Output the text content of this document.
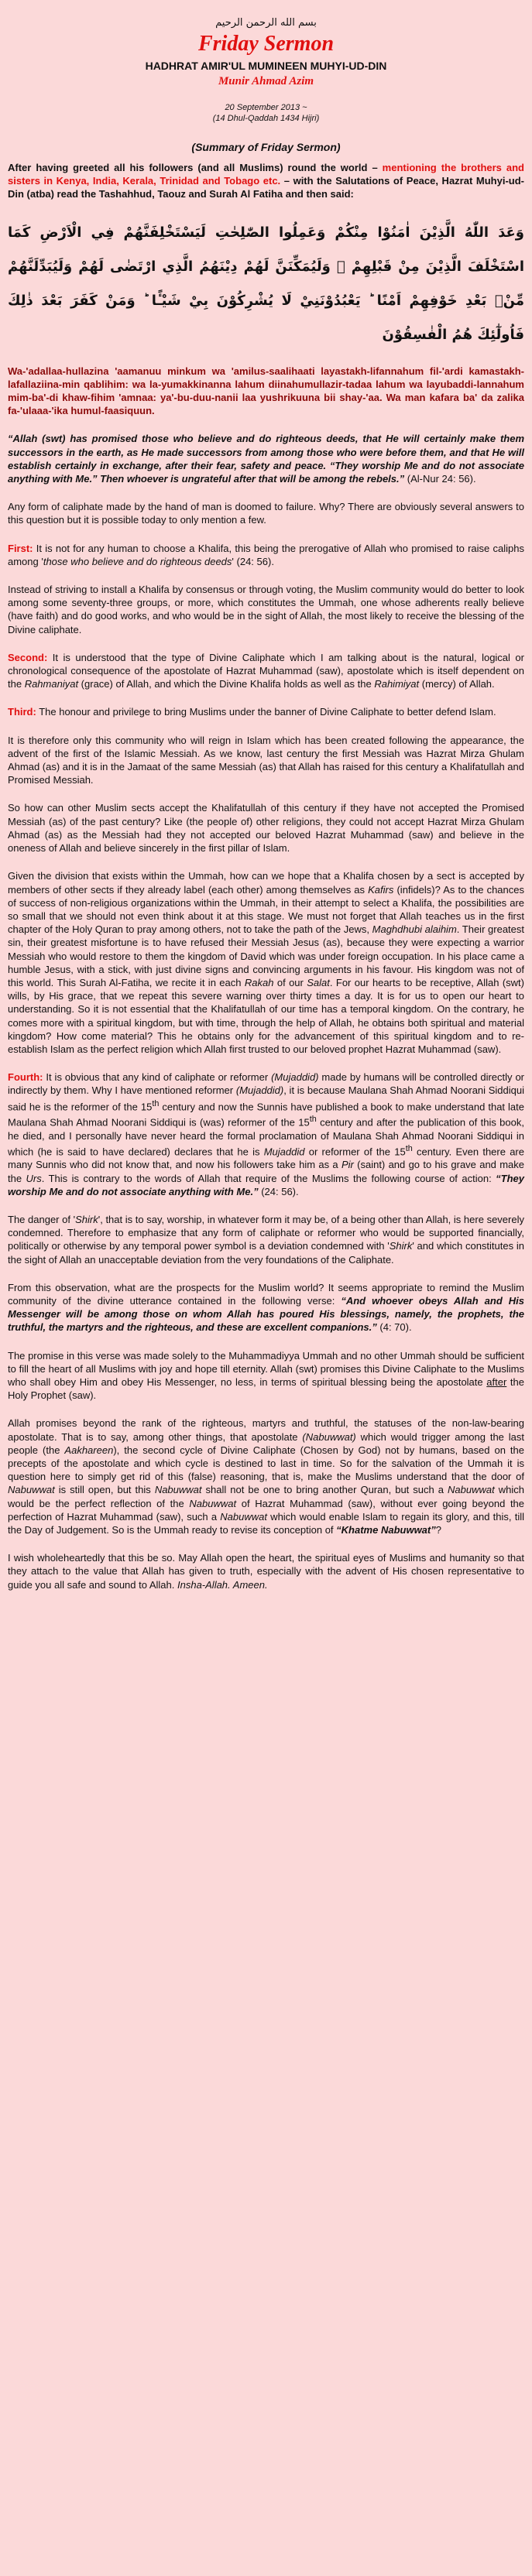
بسم الله الرحمن الرحيم
Friday Sermon
HADHRAT AMIR'UL MUMINEEN MUHYI-UD-DIN
Munir Ahmad Azim
20 September 2013 ~
(14 Dhul-Qaddah 1434 Hijri)
(Summary of Friday Sermon)

After having greeted all his followers (and all Muslims) round the world – mentioning the brothers and sisters in Kenya, India, Kerala, Trinidad and Tobago etc. – with the Salutations of Peace, Hazrat Muhyi-ud-Din (atba) read the Tashahhud, Taouz and Surah Al Fatiha and then said:

وَعَدَ اللّٰهُ الَّذِيْنَ اٰمَنُوْا مِنْكُمْ وَعَمِلُوا الصّٰلِحٰتِ لَيَسْتَخْلِفَنَّهُمْ فِي الْاَرْضِ كَمَا اسْتَخْلَفَ الَّذِيْنَ مِنْ قَبْلِهِمْ ۪ وَلَيُمَكِّنَنَّ لَهُمْ دِيْنَهُمُ الَّذِي ارْتَضٰى لَهُمْ وَلَيُبَدِّلَنَّهُمْ مِّنْۢ بَعْدِ خَوْفِهِمْ اَمْنًا ؕ يَعْبُدُوْنَنِيْ لَا يُشْرِكُوْنَ بِيْ شَيْـًٔا ؕ وَمَنْ كَفَرَ بَعْدَ ذٰلِكَ فَاُولٰٓئِكَ هُمُ الْفٰسِقُوْنَ

Wa-'adallaa-hullazina 'aamanuu minkum wa 'amilus-saalihaati layastakh-lifannahum fil-'ardi kamastakh-lafallaziina-min qablihim: wa la-yumakkinanna lahum diinahumullazir-tadaa lahum wa layubaddi-lannahum mim-ba'-di khaw-fihim 'amnaa: ya'-bu-duu-nanii laa yushrikuuna bii shay-'aa. Wa man kafara ba' da zalika fa-'ulaaa-'ika humul-faasiquun.

“Allah (swt) has promised those who believe and do righteous deeds, that He will certainly make them successors in the earth, as He made successors from among those who were before them, and that He will establish certainly in exchange, after their fear, safety and peace. “They worship Me and do not associate anything with Me.” Then whoever is ungrateful after that will be among the rebels.” (Al-Nur 24: 56).

Any form of caliphate made by the hand of man is doomed to failure. Why? There are obviously several answers to this question but it is possible today to only mention a few.

First: It is not for any human to choose a Khalifa, this being the prerogative of Allah who promised to raise caliphs among 'those who believe and do righteous deeds' (24: 56).

Instead of striving to install a Khalifa by consensus or through voting, the Muslim community would do better to look among some seventy-three groups, or more, which constitutes the Ummah, one whose adherents really believe (have faith) and do good works, and who would be in the sight of Allah, the most likely to receive the blessing of the Divine caliphate.

Second: It is understood that the type of Divine Caliphate which I am talking about is the natural, logical or chronological consequence of the apostolate of Hazrat Muhammad (saw), apostolate which is itself dependent on the Rahmaniyat (grace) of Allah, and which the Divine Khalifa holds as well as the Rahimiyat (mercy) of Allah.

Third: The honour and privilege to bring Muslims under the banner of Divine Caliphate to better defend Islam.

It is therefore only this community who will reign in Islam which has been created following the appearance, the advent of the first of the Islamic Messiah. As we know, last century the first Messiah was Hazrat Mirza Ghulam Ahmad (as) and it is in the Jamaat of the same Messiah (as) that Allah has raised for this century a Khalifatullah and Promised Messiah.

So how can other Muslim sects accept the Khalifatullah of this century if they have not accepted the Promised Messiah (as) of the past century? Like (the people of) other religions, they could not accept Hazrat Mirza Ghulam Ahmad (as) as the Messiah had they not accepted our beloved Hazrat Muhammad (saw) and believe in the oneness of Allah and believe sincerely in the first pillar of Islam.

Given the division that exists within the Ummah, how can we hope that a Khalifa chosen by a sect is accepted by members of other sects if they already label (each other) among themselves as Kafirs (infidels)? As to the chances of success of non-religious organizations within the Ummah, in their attempt to select a Khalifa, the possibilities are so small that we should not even think about it at this stage. We must not forget that Allah teaches us in the first chapter of the Holy Quran to pray among others, not to take the path of the Jews, Maghdhubi alaihim. Their greatest sin, their greatest misfortune is to have refused their Messiah Jesus (as), because they were expecting a warrior Messiah who would restore to them the kingdom of David which was under foreign occupation. In his place came a humble Jesus, with a stick, with just divine signs and convincing arguments in his favour. His kingdom was not of this world. This Surah Al-Fatiha, we recite it in each Rakah of our Salat. For our hearts to be receptive, Allah (swt) wills, by His grace, that we repeat this severe warning over thirty times a day. It is for us to open our heart to understanding. So it is not essential that the Khalifatullah of our time has a temporal kingdom. On the contrary, he comes more with a spiritual kingdom, but with time, through the help of Allah, he obtains both spiritual and material kingdom? How come material? This he obtains only for the advancement of this spiritual kingdom and to re-establish Islam as the perfect religion which Allah first trusted to our beloved prophet Hazrat Muhammad (saw).

Fourth: It is obvious that any kind of caliphate or reformer (Mujaddid) made by humans will be controlled directly or indirectly by them. Why I have mentioned reformer (Mujaddid), it is because Maulana Shah Ahmad Noorani Siddiqui said he is the reformer of the 15th century and now the Sunnis have published a book to make understand that late Maulana Shah Ahmad Noorani Siddiqui is (was) reformer of the 15th century and after the publication of this book, he died, and I personally have never heard the formal proclamation of Maulana Shah Ahmad Noorani Siddiqui in which (he is said to have declared) declares that he is Mujaddid or reformer of the 15th century. Even there are many Sunnis who did not know that, and now his followers take him as a Pir (saint) and go to his grave and make the Urs. This is contrary to the words of Allah that require of the Muslims the following course of action: “They worship Me and do not associate anything with Me.” (24: 56).

The danger of 'Shirk', that is to say, worship, in whatever form it may be, of a being other than Allah, is here severely condemned. Therefore to emphasize that any form of caliphate or reformer who would be supported financially, politically or otherwise by any temporal power symbol is a deviation condemned with 'Shirk' and which constitutes in the sight of Allah an unacceptable deviation from the very foundations of the Caliphate.

From this observation, what are the prospects for the Muslim world? It seems appropriate to remind the Muslim community of the divine utterance contained in the following verse: “And whoever obeys Allah and His Messenger will be among those on whom Allah has poured His blessings, namely, the prophets, the truthful, the martyrs and the righteous, and these are excellent companions.” (4: 70).

The promise in this verse was made solely to the Muhammadiyya Ummah and no other Ummah should be sufficient to fill the heart of all Muslims with joy and hope till eternity. Allah (swt) promises this Divine Caliphate to the Muslims who shall obey Him and obey His Messenger, no less, in terms of spiritual blessing being the apostolate after the Holy Prophet (saw).

Allah promises beyond the rank of the righteous, martyrs and truthful, the statuses of the non-law-bearing apostolate. That is to say, among other things, that apostolate (Nabuwwat) which would trigger among the last people (the Aakhareen), the second cycle of Divine Caliphate (Chosen by God) not by humans, based on the precepts of the apostolate and which cycle is destined to last in time. So for the salvation of the Ummah it is question here to simply get rid of this (false) reasoning, that is, make the Muslims understand that the door of Nabuwwat is still open, but this Nabuwwat shall not be one to bring another Quran, but such a Nabuwwat which would be the perfect reflection of the Nabuwwat of Hazrat Muhammad (saw), without ever going beyond the perfection of Hazrat Muhammad (saw), such a Nabuwwat which would enable Islam to regain its glory, and this, till the Day of Judgement. So is the Ummah ready to revise its conception of “Khatme Nabuwwat”?

I wish wholeheartedly that this be so. May Allah open the heart, the spiritual eyes of Muslims and humanity so that they attach to the value that Allah has given to truth, especially with the advent of His chosen representative to guide you all safe and sound to Allah. Insha-Allah. Ameen.
